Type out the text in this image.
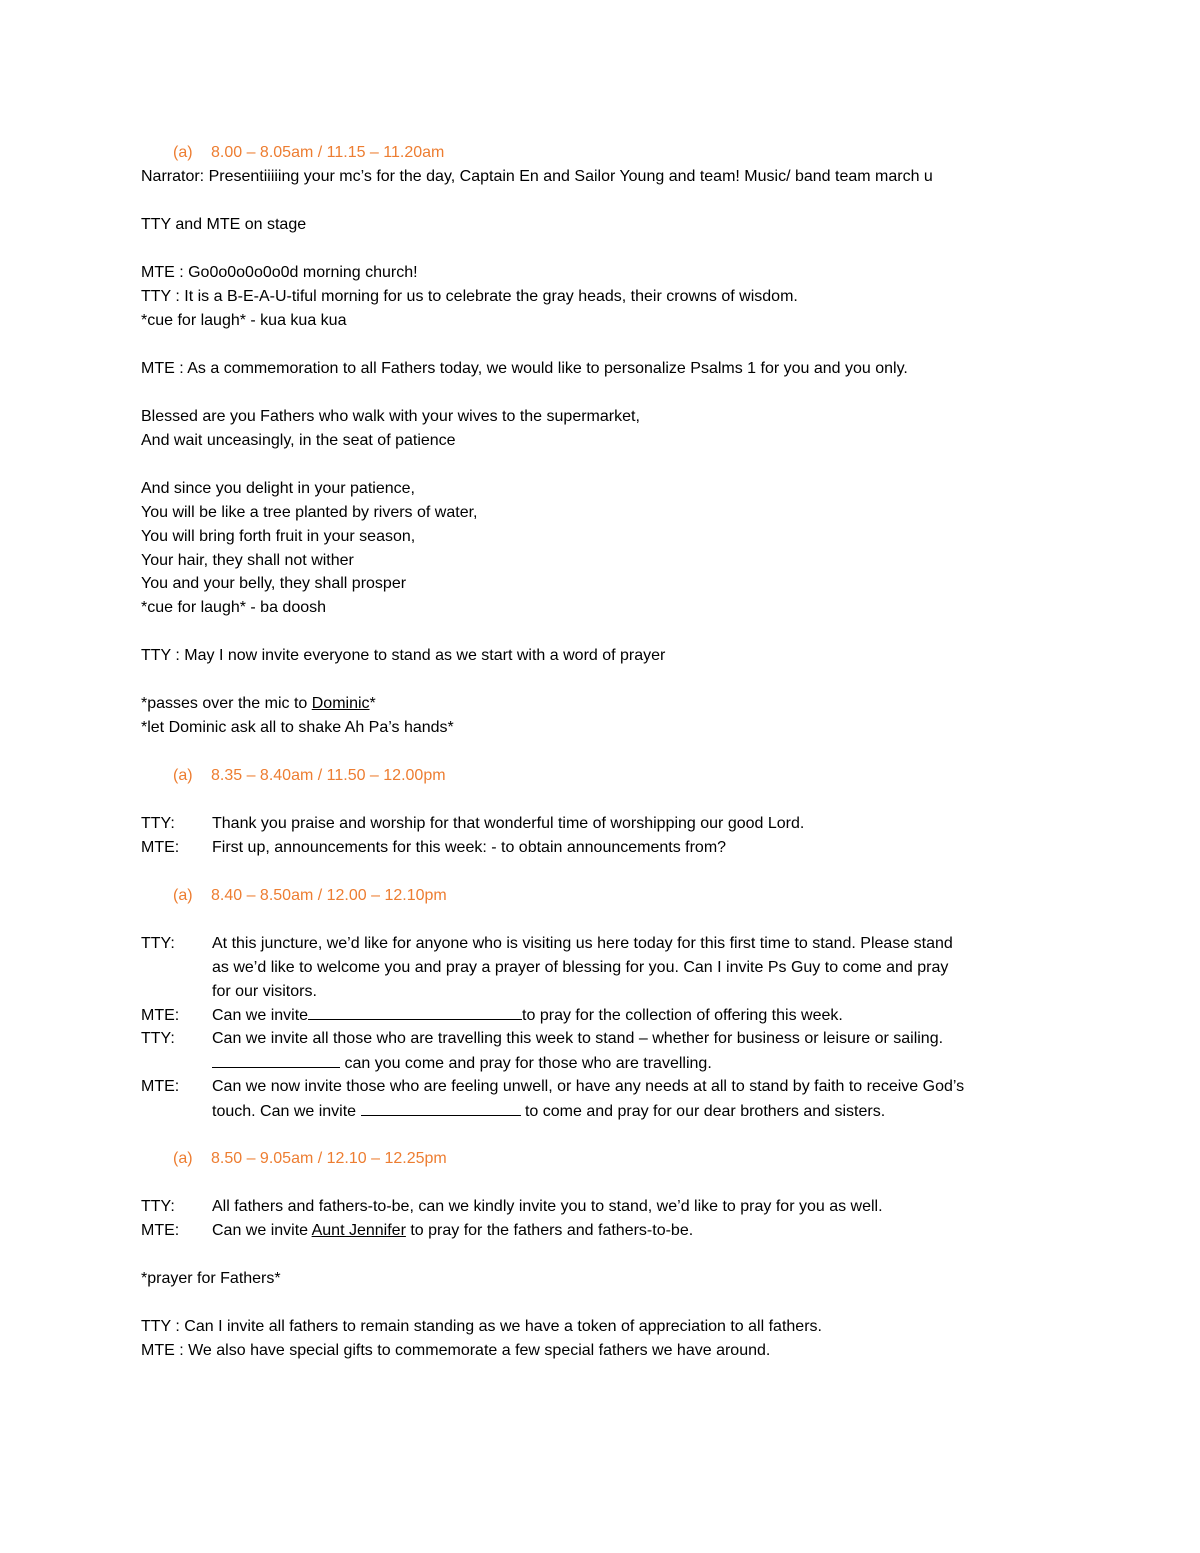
(a) 8.00 – 8.05am / 11.15 – 11.20am
Narrator: Presentiiiiing your mc’s for the day, Captain En and Sailor Young and team! Music/ band team march u
TTY and MTE on stage
MTE : Go0o0o0o0o0d morning church!
TTY : It is a B-E-A-U-tiful morning for us to celebrate the gray heads, their crowns of wisdom.
*cue for laugh* - kua kua kua
MTE : As a commemoration to all Fathers today, we would like to personalize Psalms 1 for you and you only.
Blessed are you Fathers who walk with your wives to the supermarket,
And wait unceasingly, in the seat of patience
And since you delight in your patience,
You will be like a tree planted by rivers of water,
You will bring forth fruit in your season,
Your hair, they shall not wither
You and your belly, they shall prosper
*cue for laugh* - ba doosh
TTY : May I now invite everyone to stand as we start with a word of prayer
*passes over the mic to Dominic*
*let Dominic ask all to shake Ah Pa’s hands*
(a) 8.35 – 8.40am / 11.50 – 12.00pm
TTY: Thank you praise and worship for that wonderful time of worshipping our good Lord.
MTE: First up, announcements for this week: - to obtain announcements from?
(a) 8.40 – 8.50am / 12.00 – 12.10pm
TTY: At this juncture, we’d like for anyone who is visiting us here today for this first time to stand. Please stand
as we’d like to welcome you and pray a prayer of blessing for you. Can I invite Ps Guy to come and pray
for our visitors.
MTE: Can we invite	to pray for the collection of offering this week.
TTY: Can we invite all those who are travelling this week to stand – whether for business or leisure or sailing.
can you come and pray for those who are travelling.
MTE: Can we now invite those who are feeling unwell, or have any needs at all to stand by faith to receive God’s
touch. Can we invite	to come and pray for our dear brothers and sisters.
(a) 8.50 – 9.05am / 12.10 – 12.25pm
TTY: All fathers and fathers-to-be, can we kindly invite you to stand, we’d like to pray for you as well.
MTE: Can we invite Aunt Jennifer to pray for the fathers and fathers-to-be.
*prayer for Fathers*
TTY : Can I invite all fathers to remain standing as we have a token of appreciation to all fathers.
MTE : We also have special gifts to commemorate a few special fathers we have around.
